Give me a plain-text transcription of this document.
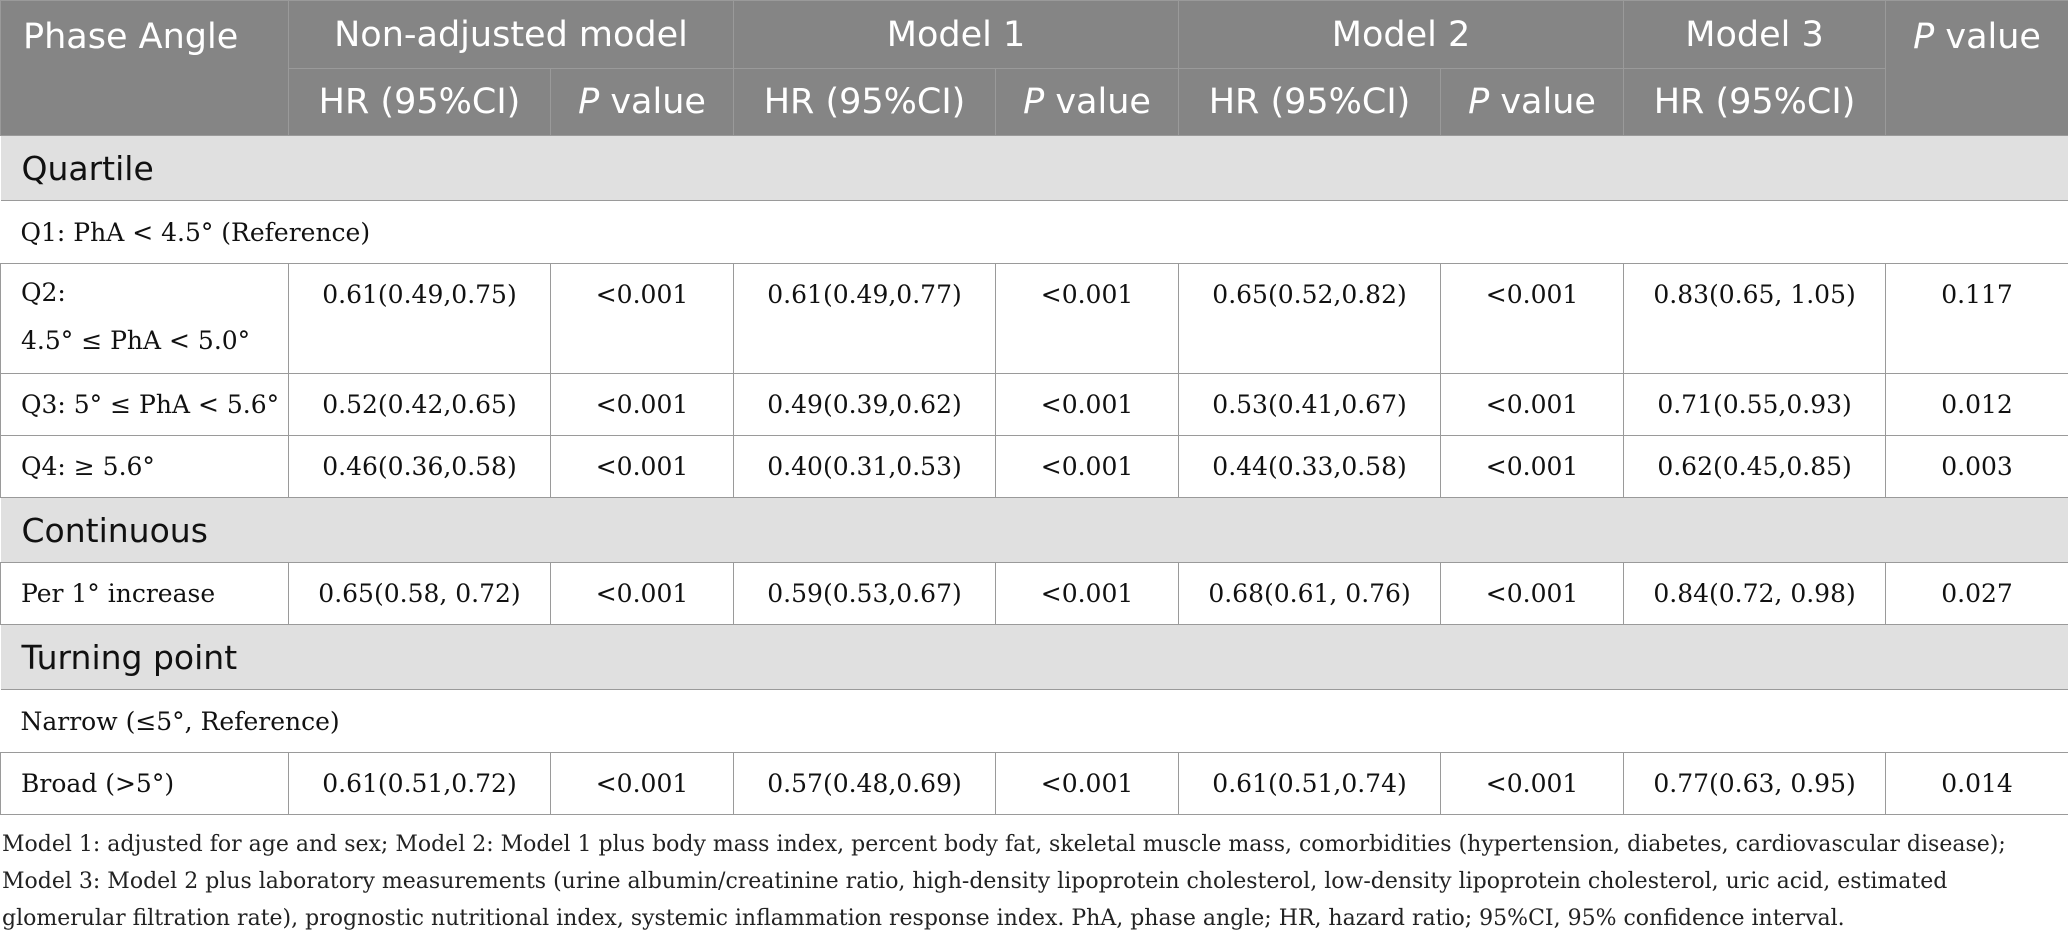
Phase Angle	Non-adjusted model		Model 1		Model 2		Model 3	P value
	HR (95%CI)	P value	HR (95%CI)	P value	HR (95%CI)	P value	HR (95%CI)	
Quartile								
Q1: PhA < 4.5° (Reference)								
Q2:
4.5° ≤ PhA < 5.0°	0.61(0.49,0.75)	<0.001	0.61(0.49,0.77)	<0.001	0.65(0.52,0.82)	<0.001	0.83(0.65, 1.05)	0.117
Q3: 5° ≤ PhA < 5.6°	0.52(0.42,0.65)	<0.001	0.49(0.39,0.62)	<0.001	0.53(0.41,0.67)	<0.001	0.71(0.55,0.93)	0.012
Q4: ≥ 5.6°	0.46(0.36,0.58)	<0.001	0.40(0.31,0.53)	<0.001	0.44(0.33,0.58)	<0.001	0.62(0.45,0.85)	0.003
Continuous								
Per 1° increase	0.65(0.58, 0.72)	<0.001	0.59(0.53,0.67)	<0.001	0.68(0.61, 0.76)	<0.001	0.84(0.72, 0.98)	0.027
Turning point								
Narrow (≤5°, Reference)								
Broad (>5°)	0.61(0.51,0.72)	<0.001	0.57(0.48,0.69)	<0.001	0.61(0.51,0.74)	<0.001	0.77(0.63, 0.95)	0.014
Model 1: adjusted for age and sex; Model 2: Model 1 plus body mass index, percent body fat, skeletal muscle mass, comorbidities (hypertension, diabetes, cardiovascular disease); Model 3: Model 2 plus laboratory measurements (urine albumin/creatinine ratio, high-density lipoprotein cholesterol, low-density lipoprotein cholesterol, uric acid, estimated glomerular filtration rate), prognostic nutritional index, systemic inflammation response index. PhA, phase angle; HR, hazard ratio; 95%CI, 95% confidence interval.
